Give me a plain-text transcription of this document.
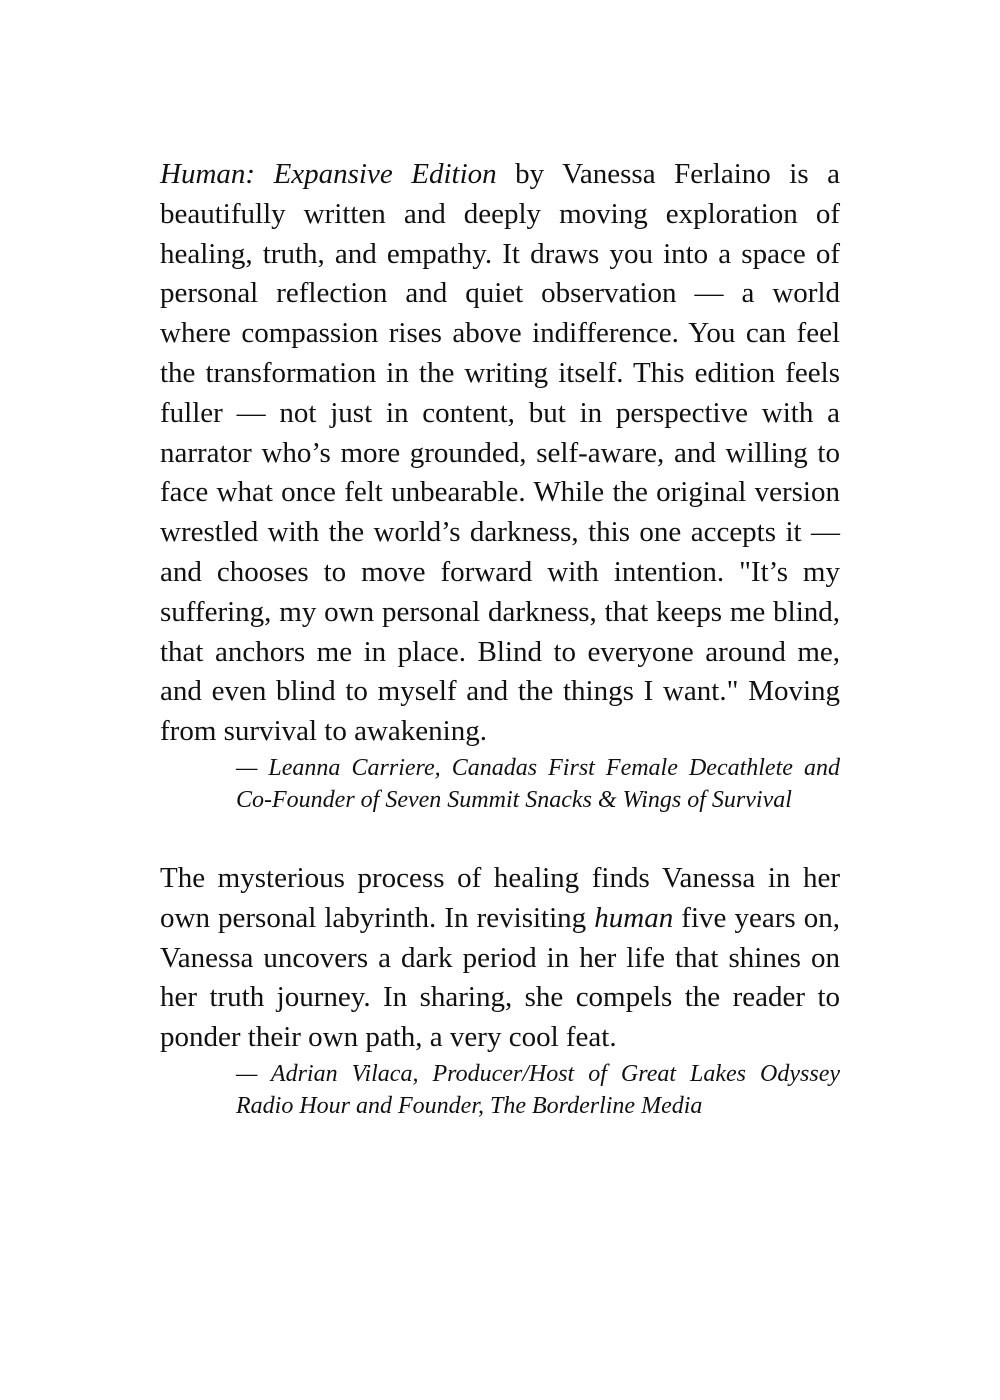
Human: Expansive Edition by Vanessa Ferlaino is a beautifully written and deeply moving exploration of healing, truth, and empathy. It draws you into a space of personal reflection and quiet observation — a world where compassion rises above indifference. You can feel the transformation in the writing itself. This edition feels fuller — not just in content, but in perspective with a narrator who’s more grounded, self-aware, and willing to face what once felt unbearable. While the original version wrestled with the world’s darkness, this one accepts it — and chooses to move forward with intention. "It’s my suffering, my own personal darkness, that keeps me blind, that anchors me in place. Blind to everyone around me, and even blind to myself and the things I want." Moving from survival to awakening.

— Leanna Carriere, Canadas First Female Decathlete and Co-Founder of Seven Summit Snacks & Wings of Survival

The mysterious process of healing finds Vanessa in her own personal labyrinth. In revisiting human five years on, Vanessa uncovers a dark period in her life that shines on her truth journey. In sharing, she compels the reader to ponder their own path, a very cool feat.

— Adrian Vilaca, Producer/Host of Great Lakes Odyssey Radio Hour and Founder, The Borderline Media
